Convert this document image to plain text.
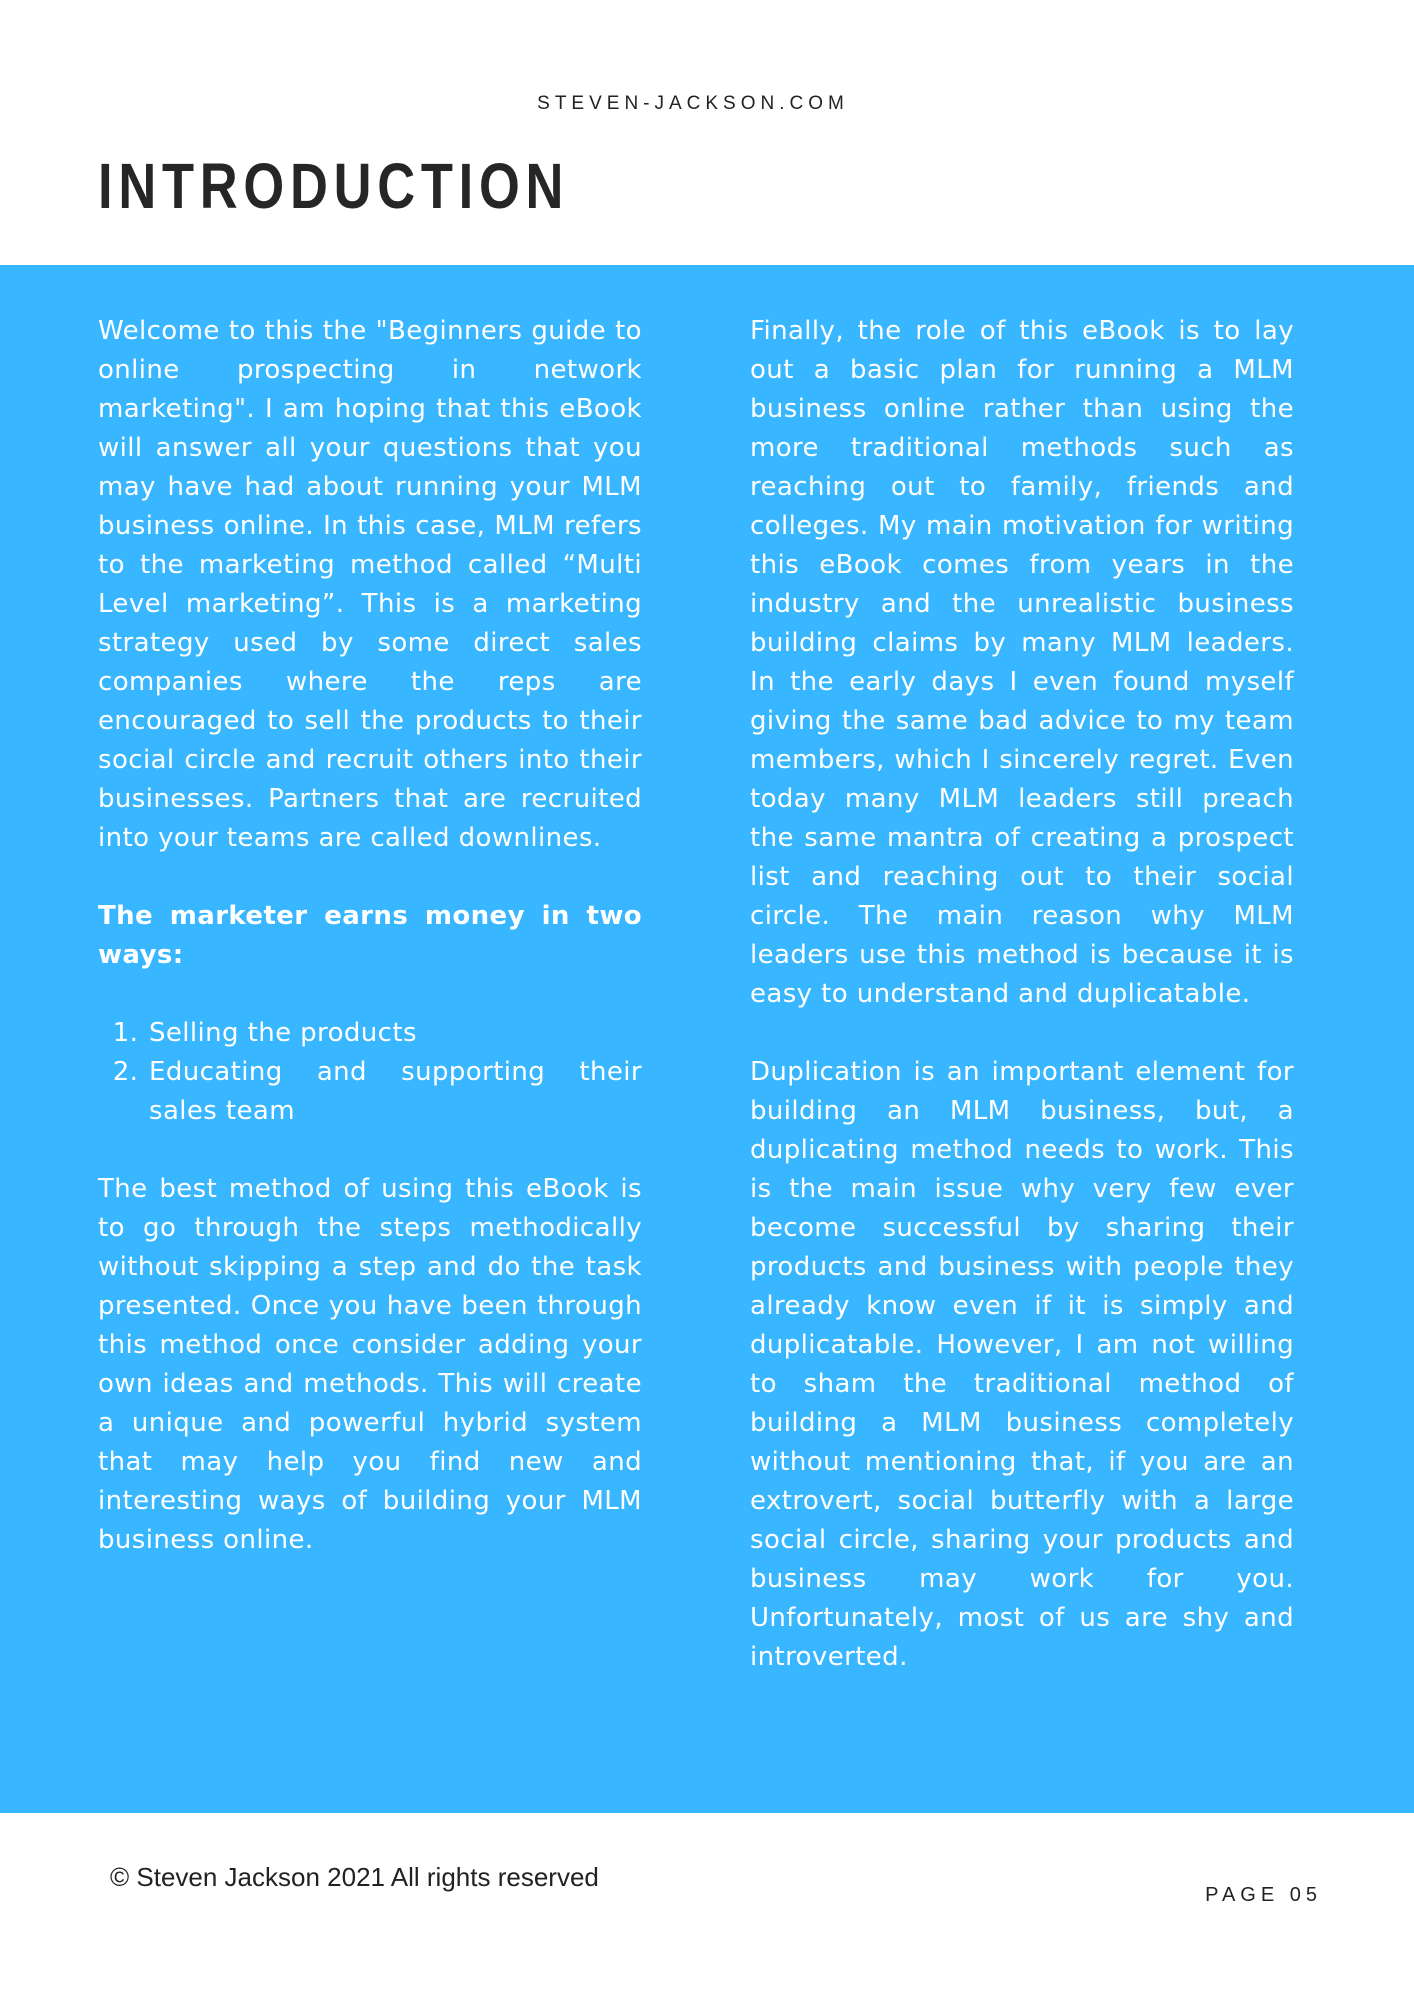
STEVEN-JACKSON.COM
INTRODUCTION

Welcome to this the "Beginners guide to online prospecting in network marketing". I am hoping that this eBook will answer all your questions that you may have had about running your MLM business online. In this case, MLM refers to the marketing method called “Multi Level marketing”. This is a marketing strategy used by some direct sales companies where the reps are encouraged to sell the products to their social circle and recruit others into their businesses. Partners that are recruited into your teams are called downlines.

The marketer earns money in two ways:

1. Selling the products
2. Educating and supporting their sales team

The best method of using this eBook is to go through the steps methodically without skipping a step and do the task presented. Once you have been through this method once consider adding your own ideas and methods. This will create a unique and powerful hybrid system that may help you find new and interesting ways of building your MLM business online.

Finally, the role of this eBook is to lay out a basic plan for running a MLM business online rather than using the more traditional methods such as reaching out to family, friends and colleges. My main motivation for writing this eBook comes from years in the industry and the unrealistic business building claims by many MLM leaders. In the early days I even found myself giving the same bad advice to my team members, which I sincerely regret. Even today many MLM leaders still preach the same mantra of creating a prospect list and reaching out to their social circle. The main reason why MLM leaders use this method is because it is easy to understand and duplicatable.

Duplication is an important element for building an MLM business, but, a duplicating method needs to work. This is the main issue why very few ever become successful by sharing their products and business with people they already know even if it is simply and duplicatable. However, I am not willing to sham the traditional method of building a MLM business completely without mentioning that, if you are an extrovert, social butterfly with a large social circle, sharing your products and business may work for you. Unfortunately, most of us are shy and introverted.

© Steven Jackson 2021 All rights reserved
PAGE 05
